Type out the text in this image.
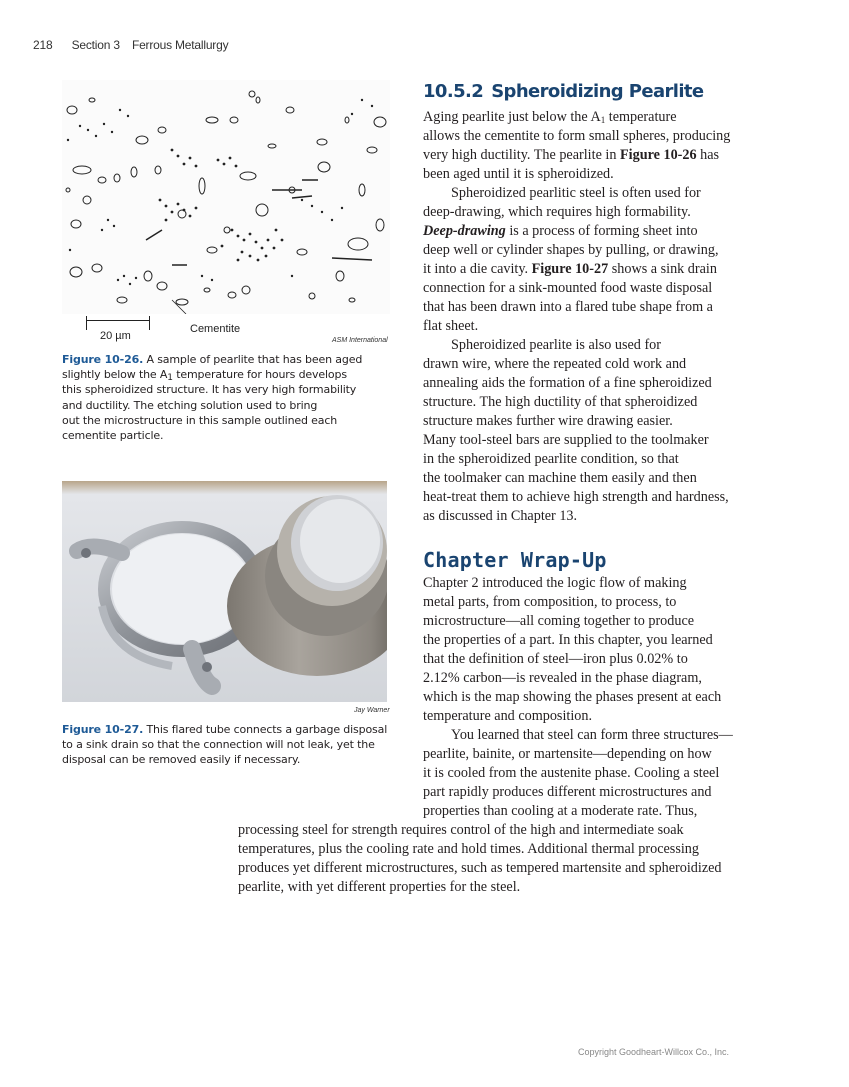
218 Section 3 Ferrous Metallurgy
20 µm
Cementite
ASM International
Figure 10-26. A sample of pearlite that has been aged
slightly below the $A_1$ temperature for hours develops
this spheroidized structure. It has very high formability
and ductility. The etching solution used to bring
out the microstructure in this sample outlined each
cementite particle.
Jay Warner
Figure 10-27. This flared tube connects a garbage disposal
to a sink drain so that the connection will not leak, yet the
disposal can be removed easily if necessary.
10.5.2 Spheroidizing Pearlite
Aging pearlite just below the $A_1$ temperature
allows the cementite to form small spheres, producing
very high ductility. The pearlite in Figure 10-26 has
been aged until it is spheroidized.
Spheroidized pearlitic steel is often used for
deep-drawing, which requires high formability.
Deep-drawing is a process of forming sheet into
deep well or cylinder shapes by pulling, or drawing,
it into a die cavity. Figure 10-27 shows a sink drain
connection for a sink-mounted food waste disposal
that has been drawn into a flared tube shape from a
flat sheet.
Spheroidized pearlite is also used for
drawn wire, where the repeated cold work and
annealing aids the formation of a fine spheroidized
structure. The high ductility of that spheroidized
structure makes further wire drawing easier.
Many tool-steel bars are supplied to the toolmaker
in the spheroidized pearlite condition, so that
the toolmaker can machine them easily and then
heat-treat them to achieve high strength and hardness,
as discussed in Chapter 13.
Chapter Wrap-Up
Chapter 2 introduced the logic flow of making
metal parts, from composition, to process, to
microstructure—all coming together to produce
the properties of a part. In this chapter, you learned
that the definition of steel—iron plus 0.02% to
2.12% carbon—is revealed in the phase diagram,
which is the map showing the phases present at each
temperature and composition.
You learned that steel can form three structures—
pearlite, bainite, or martensite—depending on how
it is cooled from the austenite phase. Cooling a steel
part rapidly produces different microstructures and
properties than cooling at a moderate rate. Thus,
processing steel for strength requires control of the high and intermediate soak
temperatures, plus the cooling rate and hold times. Additional thermal processing
produces yet different microstructures, such as tempered martensite and spheroidized
pearlite, with yet different properties for the steel.
Copyright Goodheart-Willcox Co., Inc.
